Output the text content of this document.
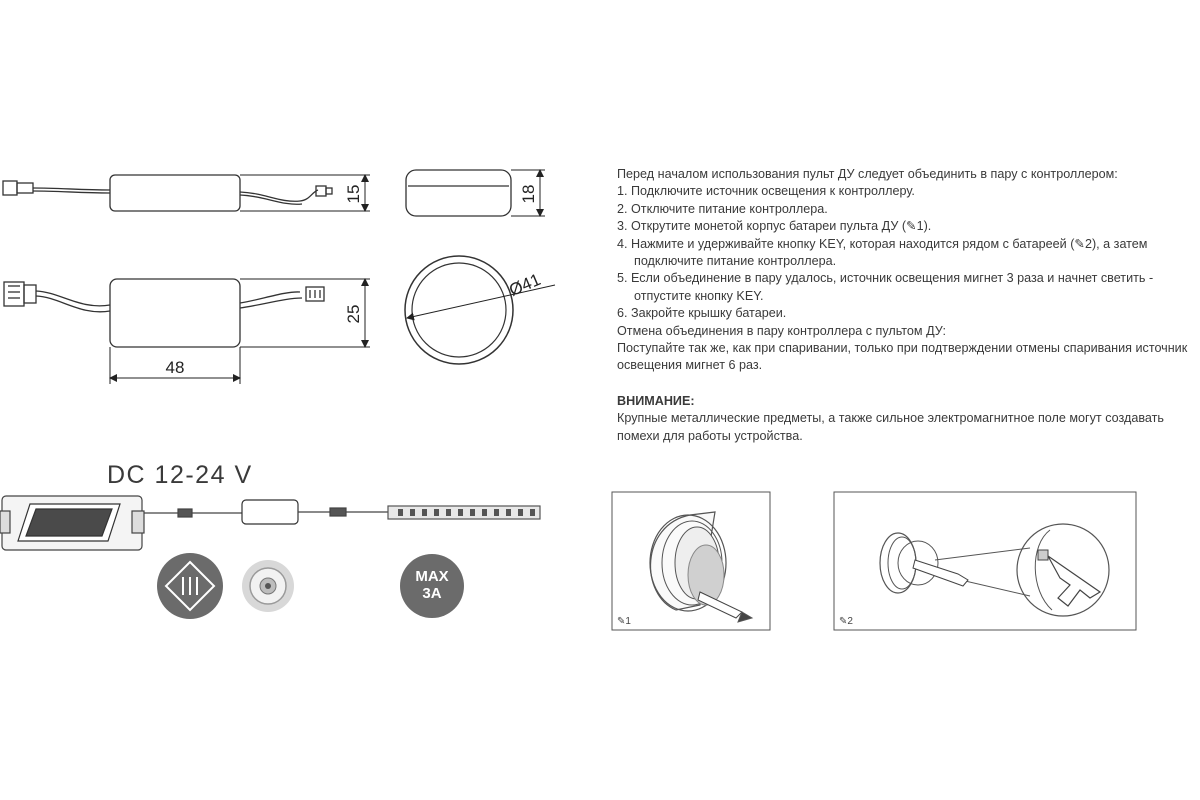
15
25
48
18
Ø41
DC 12-24 V
MAX
3A
✎1	✎2

Перед началом использования пульт ДУ следует объединить в пару с контроллером:

1. Подключите источник освещения к контроллеру.
2. Отключите питание контроллера.
3. Открутите монетой корпус батареи пульта ДУ (✎1).
4. Нажмите и удерживайте кнопку KEY, которая находится рядом с батареей (✎2), а затем подключите питание контроллера.
5. Если объединение в пару удалось, источник освещения мигнет 3 раза и начнет светить - отпустите кнопку KEY.
6. Закройте крышку батареи.

Отмена объединения в пару контроллера с пультом ДУ:

Поступайте так же, как при спаривании, только при подтверждении отмены спаривания источник освещения мигнет 6 раз.

ВНИМАНИЕ:

Крупные металлические предметы, а также сильное электромагнитное поле могут создавать помехи для работы устройства.
